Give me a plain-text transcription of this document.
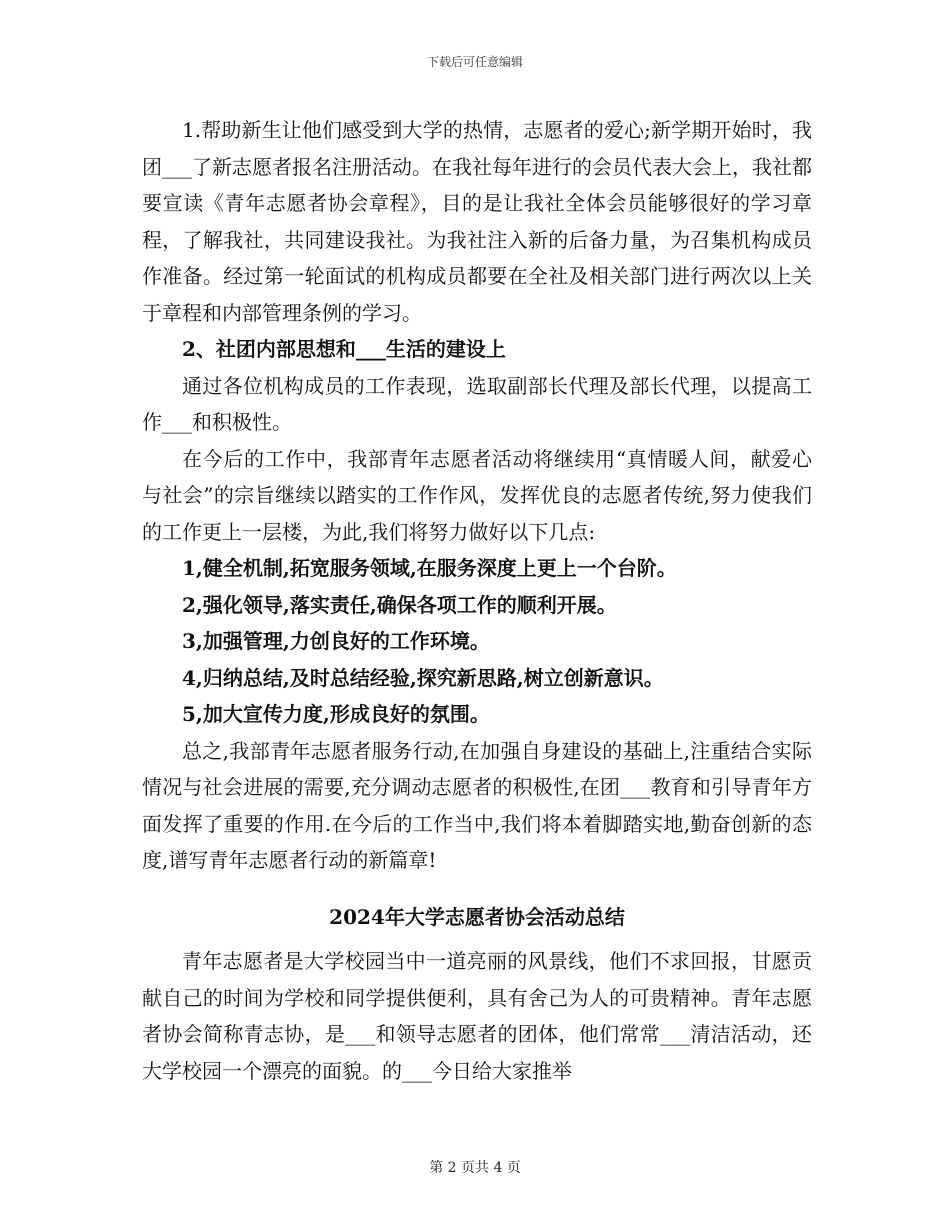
下载后可任意编辑

1.帮助新生让他们感受到大学的热情，志愿者的爱心;新学期开始时，我团___了新志愿者报名注册活动。在我社每年进行的会员代表大会上，我社都要宣读《青年志愿者协会章程》，目的是让我社全体会员能够很好的学习章程，了解我社，共同建设我社。为我社注入新的后备力量，为召集机构成员作准备。经过第一轮面试的机构成员都要在全社及相关部门进行两次以上关于章程和内部管理条例的学习。

2、社团内部思想和___生活的建设上

通过各位机构成员的工作表现，选取副部长代理及部长代理，以提高工作___和积极性。

在今后的工作中，我部青年志愿者活动将继续用“真情暖人间，献爱心与社会”的宗旨继续以踏实的工作作风，发挥优良的志愿者传统,努力使我们的工作更上一层楼，为此,我们将努力做好以下几点:

1,健全机制,拓宽服务领域,在服务深度上更上一个台阶。

2,强化领导,落实责任,确保各项工作的顺利开展。

3,加强管理,力创良好的工作环境。

4,归纳总结,及时总结经验,探究新思路,树立创新意识。

5,加大宣传力度,形成良好的氛围。

总之,我部青年志愿者服务行动,在加强自身建设的基础上,注重结合实际情况与社会进展的需要,充分调动志愿者的积极性,在团___教育和引导青年方面发挥了重要的作用.在今后的工作当中,我们将本着脚踏实地,勤奋创新的态度,谱写青年志愿者行动的新篇章!

2024年大学志愿者协会活动总结

青年志愿者是大学校园当中一道亮丽的风景线，他们不求回报，甘愿贡献自己的时间为学校和同学提供便利，具有舍己为人的可贵精神。青年志愿者协会简称青志协，是___和领导志愿者的团体，他们常常___清洁活动，还大学校园一个漂亮的面貌。的___今日给大家推举

第 2 页共 4 页
